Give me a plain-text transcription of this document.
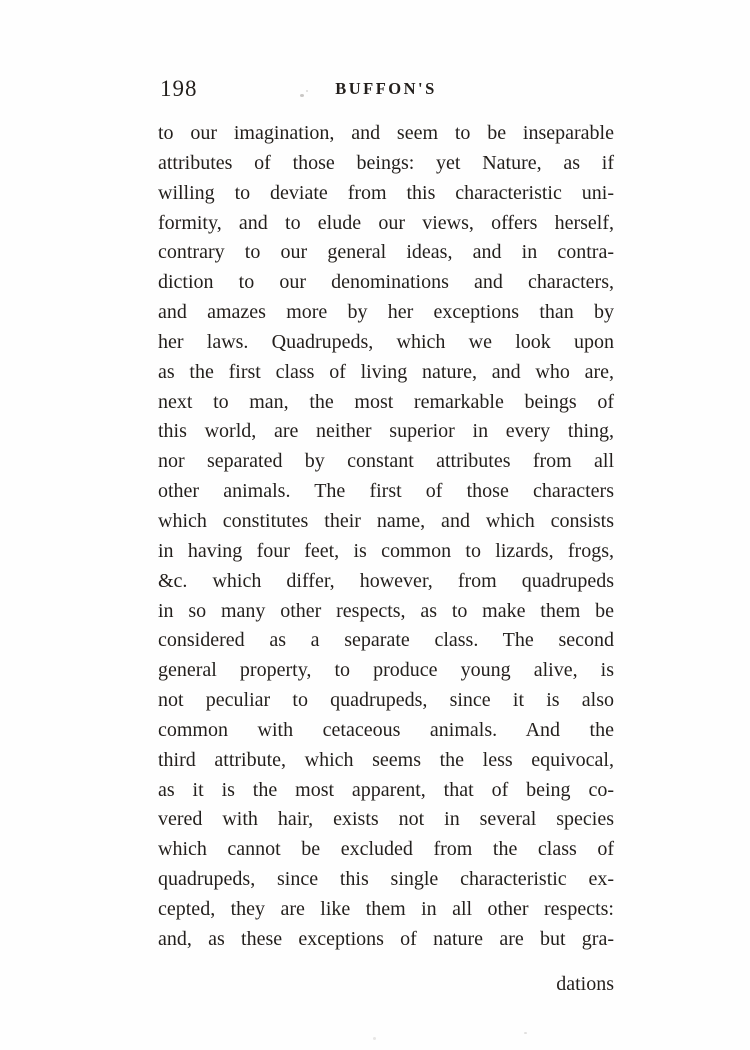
198	BUFFON'S
to our imagination, and seem to be inseparable
attributes of those beings: yet Nature, as if
willing to deviate from this characteristic uni-
formity, and to elude our views, offers herself,
contrary to our general ideas, and in contra-
diction to our denominations and characters,
and amazes more by her exceptions than by
her laws. Quadrupeds, which we look upon
as the first class of living nature, and who are,
next to man, the most remarkable beings of
this world, are neither superior in every thing,
nor separated by constant attributes from all
other animals. The first of those characters
which constitutes their name, and which consists
in having four feet, is common to lizards, frogs,
&c. which differ, however, from quadrupeds
in so many other respects, as to make them be
considered as a separate class. The second
general property, to produce young alive, is
not peculiar to quadrupeds, since it is also
common with cetaceous animals. And the
third attribute, which seems the less equivocal,
as it is the most apparent, that of being co-
vered with hair, exists not in several species
which cannot be excluded from the class of
quadrupeds, since this single characteristic ex-
cepted, they are like them in all other respects:
and, as these exceptions of nature are but gra-
dations
